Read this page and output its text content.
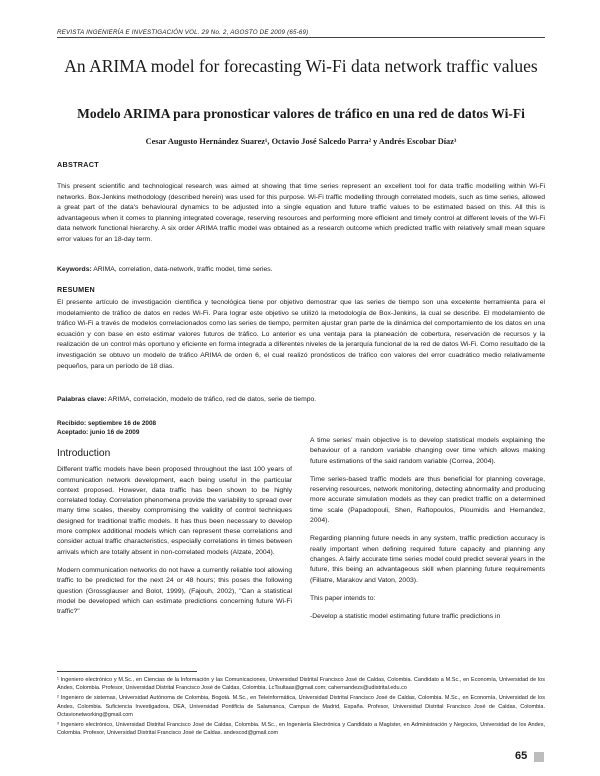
REVISTA INGENIERÍA E INVESTIGACIÓN VOL. 29 No. 2, AGOSTO DE 2009 (65-69)
An ARIMA model for forecasting Wi-Fi data network traffic values
Modelo ARIMA para pronosticar valores de tráfico en una red de datos Wi-Fi
Cesar Augusto Hernández Suarez¹, Octavio José Salcedo Parra² y Andrés Escobar Díaz³
ABSTRACT
This present scientific and technological research was aimed at showing that time series represent an excellent tool for data traffic modelling within Wi-Fi networks. Box-Jenkins methodology (described herein) was used for this purpose. Wi-Fi traffic modelling through correlated models, such as time series, allowed a great part of the data's behavioural dynamics to be adjusted into a single equation and future traffic values to be estimated based on this. All this is advantageous when it comes to planning integrated coverage, reserving resources and performing more efficient and timely control at different levels of the Wi-Fi data network functional hierarchy. A six order ARIMA traffic model was obtained as a research outcome which predicted traffic with relatively small mean square error values for an 18-day term.
Keywords: ARIMA, correlation, data-network, traffic model, time series.
RESUMEN
El presente artículo de investigación científica y tecnológica tiene por objetivo demostrar que las series de tiempo son una excelente herramienta para el modelamiento de tráfico de datos en redes Wi-Fi. Para lograr este objetivo se utilizó la metodología de Box-Jenkins, la cual se describe. El modelamiento de tráfico Wi-Fi a través de modelos correlacionados como las series de tiempo, permiten ajustar gran parte de la dinámica del comportamiento de los datos en una ecuación y con base en esto estimar valores futuros de tráfico. Lo anterior es una ventaja para la planeación de cobertura, reservación de recursos y la realización de un control más oportuno y eficiente en forma integrada a diferentes niveles de la jerarquía funcional de la red de datos Wi-Fi. Como resultado de la investigación se obtuvo un modelo de tráfico ARIMA de orden 6, el cual realizó pronósticos de tráfico con valores del error cuadrático medio relativamente pequeños, para un período de 18 días.
Palabras clave: ARIMA, correlación, modelo de tráfico, red de datos, serie de tiempo.
Recibido: septiembre 16 de 2008
Aceptado: junio 16 de 2009
Introduction

Different traffic models have been proposed throughout the last 100 years of communication network development, each being useful in the particular context proposed. However, data traffic has been shown to be highly correlated today. Correlation phenomena provide the variability to spread over many time scales, thereby compromising the validity of control techniques designed for traditional traffic models. It has thus been necessary to develop more complex additional models which can represent these correlations and consider actual traffic characteristics, especially correlations in times between arrivals which are totally absent in non-correlated models (Alzate, 2004).

Modern communication networks do not have a currently reliable tool allowing traffic to be predicted for the next 24 or 48 hours; this poses the following question (Grossglauser and Bolot, 1999), (Fajouh, 2002), "Can a statistical model be developed which can estimate predictions concerning future Wi-Fi traffic?"

A time series' main objective is to develop statistical models explaining the behaviour of a random variable changing over time which allows making future estimations of the said random variable (Correa, 2004).

Time series-based traffic models are thus beneficial for planning coverage, reserving resources, network monitoring, detecting abnormality and producing more accurate simulation models as they can predict traffic on a determined time scale (Papadopouli, Shen, Raftopoulos, Ploumidis and Hernandez, 2004).

Regarding planning future needs in any system, traffic prediction accuracy is really important when defining required future capacity and planning any changes. A fairly accurate time series model could predict several years in the future, this being an advantageous skill when planning future requirements (Fillatre, Marakov and Vaton, 2003).

This paper intends to:

-Develop a statistic model estimating future traffic predictions in

¹ Ingeniero electrónico y M.Sc., en Ciencias de la Información y las Comunicaciones, Universidad Distrital Francisco José de Caldas, Colombia. Candidato a M.Sc., en Economía, Universidad de los Andes, Colombia. Profesor, Universidad Distrital Francisco José de Caldas, Colombia. LcTsultaas@gmail.com; cahernandezs@udistrital.edu.co

² Ingeniero de sistemas, Universidad Autónoma de Colombia, Bogotá. M.Sc., en Teleinformática, Universidad Distrital Francisco José de Caldas, Colombia. M.Sc., en Economía, Universidad de los Andes, Colombia. Suficiencia Investigadora, DEA, Universidad Pontificia de Salamanca, Campus de Madrid, España. Profesor, Universidad Distrital Francisco José de Caldas, Colombia. Octavionetworking@gmail.com

³ Ingeniero electrónico, Universidad Distrital Francisco José de Caldas, Colombia. M.Sc., en Ingeniería Electrónica y Candidato a Magíster, en Administración y Negocios, Universidad de los Andes, Colombia. Profesor, Universidad Distrital Francisco José de Caldas. andescod@gmail.com

65
